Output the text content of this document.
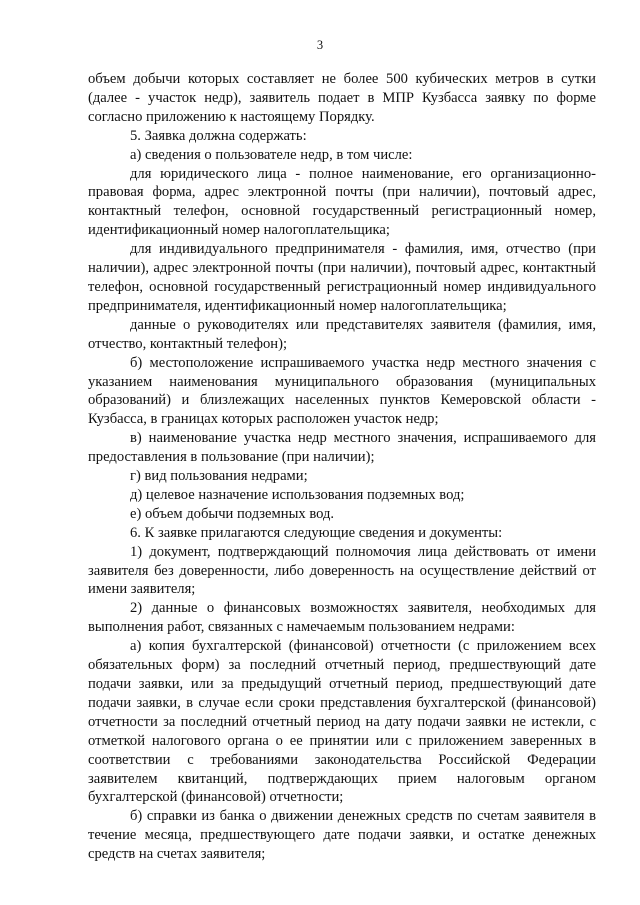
3

объем добычи которых составляет не более 500 кубических метров в сутки (далее - участок недр), заявитель подает в МПР Кузбасса заявку по форме согласно приложению к настоящему Порядку.

5. Заявка должна содержать:

а) сведения о пользователе недр, в том числе:

для юридического лица - полное наименование, его организационно-правовая форма, адрес электронной почты (при наличии), почтовый адрес, контактный телефон, основной государственный регистрационный номер, идентификационный номер налогоплательщика;

для индивидуального предпринимателя - фамилия, имя, отчество (при наличии), адрес электронной почты (при наличии), почтовый адрес, контактный телефон, основной государственный регистрационный номер индивидуального предпринимателя, идентификационный номер налогоплательщика;

данные о руководителях или представителях заявителя (фамилия, имя, отчество, контактный телефон);

б) местоположение испрашиваемого участка недр местного значения с указанием наименования муниципального образования (муниципальных образований) и близлежащих населенных пунктов Кемеровской области - Кузбасса, в границах которых расположен участок недр;

в) наименование участка недр местного значения, испрашиваемого для предоставления в пользование (при наличии);

г) вид пользования недрами;

д) целевое назначение использования подземных вод;

е) объем добычи подземных вод.

6. К заявке прилагаются следующие сведения и документы:

1) документ, подтверждающий полномочия лица действовать от имени заявителя без доверенности, либо доверенность на осуществление действий от имени заявителя;

2) данные о финансовых возможностях заявителя, необходимых для выполнения работ, связанных с намечаемым пользованием недрами:

а) копия бухгалтерской (финансовой) отчетности (с приложением всех обязательных форм) за последний отчетный период, предшествующий дате подачи заявки, или за предыдущий отчетный период, предшествующий дате подачи заявки, в случае если сроки представления бухгалтерской (финансовой) отчетности за последний отчетный период на дату подачи заявки не истекли, с отметкой налогового органа о ее принятии или с приложением заверенных в соответствии с требованиями законодательства Российской Федерации заявителем квитанций, подтверждающих прием налоговым органом бухгалтерской (финансовой) отчетности;

б) справки из банка о движении денежных средств по счетам заявителя в течение месяца, предшествующего дате подачи заявки, и остатке денежных средств на счетах заявителя;
